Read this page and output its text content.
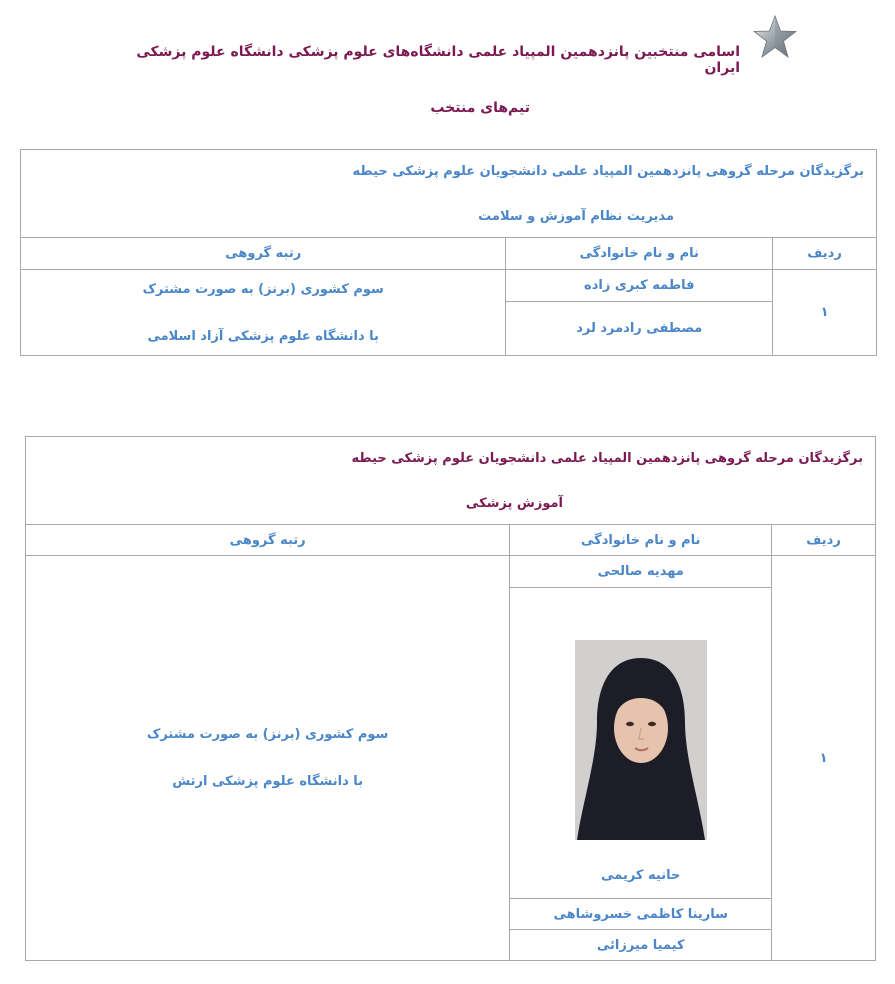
اسامی منتخبین پانزدهمین المپیاد علمی دانشگاه‌های علوم پزشکی دانشگاه علوم پزشکی ایران
تیم‌های منتخب
برگزیدگان مرحله گروهی پانزدهمین المپیاد علمی دانشجویان علوم پزشکی حیطه
مدیریت نظام آموزش و سلامت		

ردیف	نام و نام خانوادگی	رتبه گروهی
۱	فاطمه کبری زاده	سوم کشوری (برنز) به صورت مشترک
با دانشگاه علوم پزشکی آزاد اسلامی

	مصطفی رادمرد لرد	
برگزیدگان مرحله گروهی پانزدهمین المپیاد علمی دانشجویان علوم پزشکی حیطه
آموزش پزشکی		

ردیف	نام و نام خانوادگی	رتبه گروهی
۱	مهدیه صالحی	سوم کشوری (برنز) به صورت مشترک
با دانشگاه علوم پزشکی ارتش

	حانیه کریمی	

	سارینا کاظمی خسروشاهی	
	کیمیا میرزائی	
